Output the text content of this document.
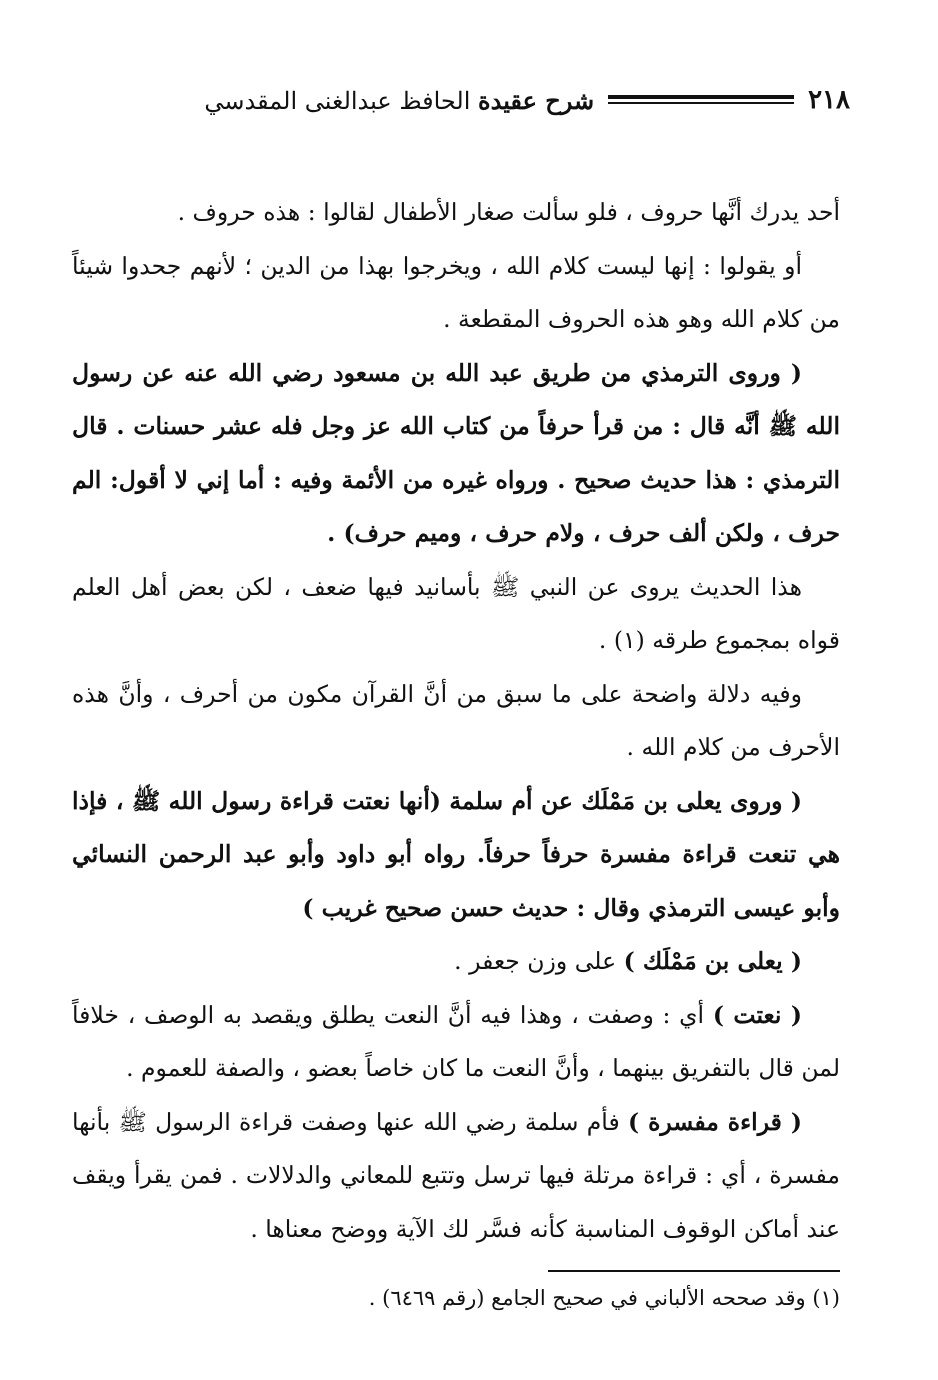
٢١٨
شرح عقيدة الحافظ عبدالغنى المقدسي

أحد يدرك أنَّها حروف ، فلو سألت صغار الأطفال لقالوا : هذه حروف .

أو يقولوا : إنها ليست كلام الله ، ويخرجوا بهذا من الدين ؛ لأنهم جحدوا شيئاً من كلام الله وهو هذه الحروف المقطعة .

( وروى الترمذي من طريق عبد الله بن مسعود رضي الله عنه عن رسول الله ﷺ أنَّه قال : من قرأ حرفاً من كتاب الله عز وجل فله عشر حسنات . قال الترمذي : هذا حديث صحيح . ورواه غيره من الأئمة وفيه : أما إني لا أقول: الم حرف ، ولكن ألف حرف ، ولام حرف ، وميم حرف) .

هذا الحديث يروى عن النبي ﷺ بأسانيد فيها ضعف ، لكن بعض أهل العلم قواه بمجموع طرقه (١) .

وفيه دلالة واضحة على ما سبق من أنَّ القرآن مكون من أحرف ، وأنَّ هذه الأحرف من كلام الله .

( وروى يعلى بن مَمْلَك عن أم سلمة (أنها نعتت قراءة رسول الله ﷺ ، فإذا هي تنعت قراءة مفسرة حرفاً حرفاً. رواه أبو داود وأبو عبد الرحمن النسائي وأبو عيسى الترمذي وقال : حديث حسن صحيح غريب )

( يعلى بن مَمْلَك ) على وزن جعفر .

( نعتت ) أي : وصفت ، وهذا فيه أنَّ النعت يطلق ويقصد به الوصف ، خلافاً لمن قال بالتفريق بينهما ، وأنَّ النعت ما كان خاصاً بعضو ، والصفة للعموم .

( قراءة مفسرة ) فأم سلمة رضي الله عنها وصفت قراءة الرسول ﷺ بأنها مفسرة ، أي : قراءة مرتلة فيها ترسل وتتبع للمعاني والدلالات . فمن يقرأ ويقف عند أماكن الوقوف المناسبة كأنه فسَّر لك الآية ووضح معناها .

(١) وقد صححه الألباني في صحيح الجامع (رقم ٦٤٦٩) .
